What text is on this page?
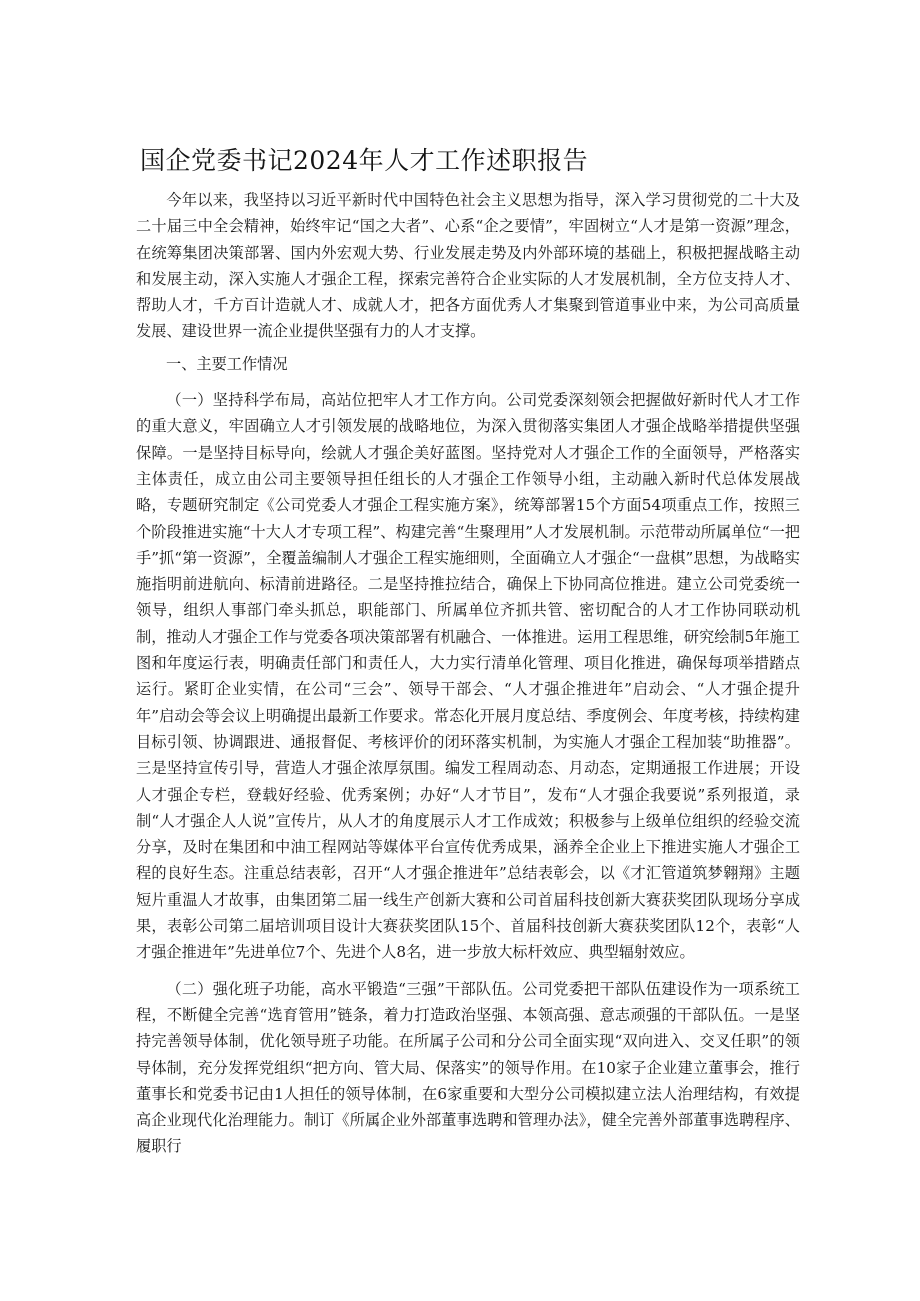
国企党委书记2024年人才工作述职报告

今年以来，我坚持以习近平新时代中国特色社会主义思想为指导，深入学习贯彻党的二十大及二十届三中全会精神，始终牢记“国之大者”、心系“企之要情”，牢固树立“人才是第一资源”理念，在统筹集团决策部署、国内外宏观大势、行业发展走势及内外部环境的基础上，积极把握战略主动和发展主动，深入实施人才强企工程，探索完善符合企业实际的人才发展机制，全方位支持人才、帮助人才，千方百计造就人才、成就人才，把各方面优秀人才集聚到管道事业中来，为公司高质量发展、建设世界一流企业提供坚强有力的人才支撑。

一、主要工作情况

（一）坚持科学布局，高站位把牢人才工作方向。公司党委深刻领会把握做好新时代人才工作的重大意义，牢固确立人才引领发展的战略地位，为深入贯彻落实集团人才强企战略举措提供坚强保障。一是坚持目标导向，绘就人才强企美好蓝图。坚持党对人才强企工作的全面领导，严格落实主体责任，成立由公司主要领导担任组长的人才强企工作领导小组，主动融入新时代总体发展战略，专题研究制定《公司党委人才强企工程实施方案》，统筹部署15个方面54项重点工作，按照三个阶段推进实施“十大人才专项工程”、构建完善“生聚理用”人才发展机制。示范带动所属单位“一把手”抓“第一资源”，全覆盖编制人才强企工程实施细则，全面确立人才强企“一盘棋”思想，为战略实施指明前进航向、标清前进路径。二是坚持推拉结合，确保上下协同高位推进。建立公司党委统一领导，组织人事部门牵头抓总，职能部门、所属单位齐抓共管、密切配合的人才工作协同联动机制，推动人才强企工作与党委各项决策部署有机融合、一体推进。运用工程思维，研究绘制5年施工图和年度运行表，明确责任部门和责任人，大力实行清单化管理、项目化推进，确保每项举措踏点运行。紧盯企业实情，在公司“三会”、领导干部会、“人才强企推进年”启动会、“人才强企提升年”启动会等会议上明确提出最新工作要求。常态化开展月度总结、季度例会、年度考核，持续构建目标引领、协调跟进、通报督促、考核评价的闭环落实机制，为实施人才强企工程加装“助推器”。三是坚持宣传引导，营造人才强企浓厚氛围。编发工程周动态、月动态，定期通报工作进展；开设人才强企专栏，登载好经验、优秀案例；办好“人才节目”，发布“人才强企我要说”系列报道，录制“人才强企人人说”宣传片，从人才的角度展示人才工作成效；积极参与上级单位组织的经验交流分享，及时在集团和中油工程网站等媒体平台宣传优秀成果，涵养全企业上下推进实施人才强企工程的良好生态。注重总结表彰，召开“人才强企推进年”总结表彰会，以《才汇管道筑梦翱翔》主题短片重温人才故事，由集团第二届一线生产创新大赛和公司首届科技创新大赛获奖团队现场分享成果，表彰公司第二届培训项目设计大赛获奖团队15个、首届科技创新大赛获奖团队12个，表彰“人才强企推进年”先进单位7个、先进个人8名，进一步放大标杆效应、典型辐射效应。

（二）强化班子功能，高水平锻造“三强”干部队伍。公司党委把干部队伍建设作为一项系统工程，不断健全完善“选育管用”链条，着力打造政治坚强、本领高强、意志顽强的干部队伍。一是坚持完善领导体制，优化领导班子功能。在所属子公司和分公司全面实现“双向进入、交叉任职”的领导体制，充分发挥党组织“把方向、管大局、保落实”的领导作用。在10家子企业建立董事会，推行董事长和党委书记由1人担任的领导体制，在6家重要和大型分公司模拟建立法人治理结构，有效提高企业现代化治理能力。制订《所属企业外部董事选聘和管理办法》，健全完善外部董事选聘程序、履职行
